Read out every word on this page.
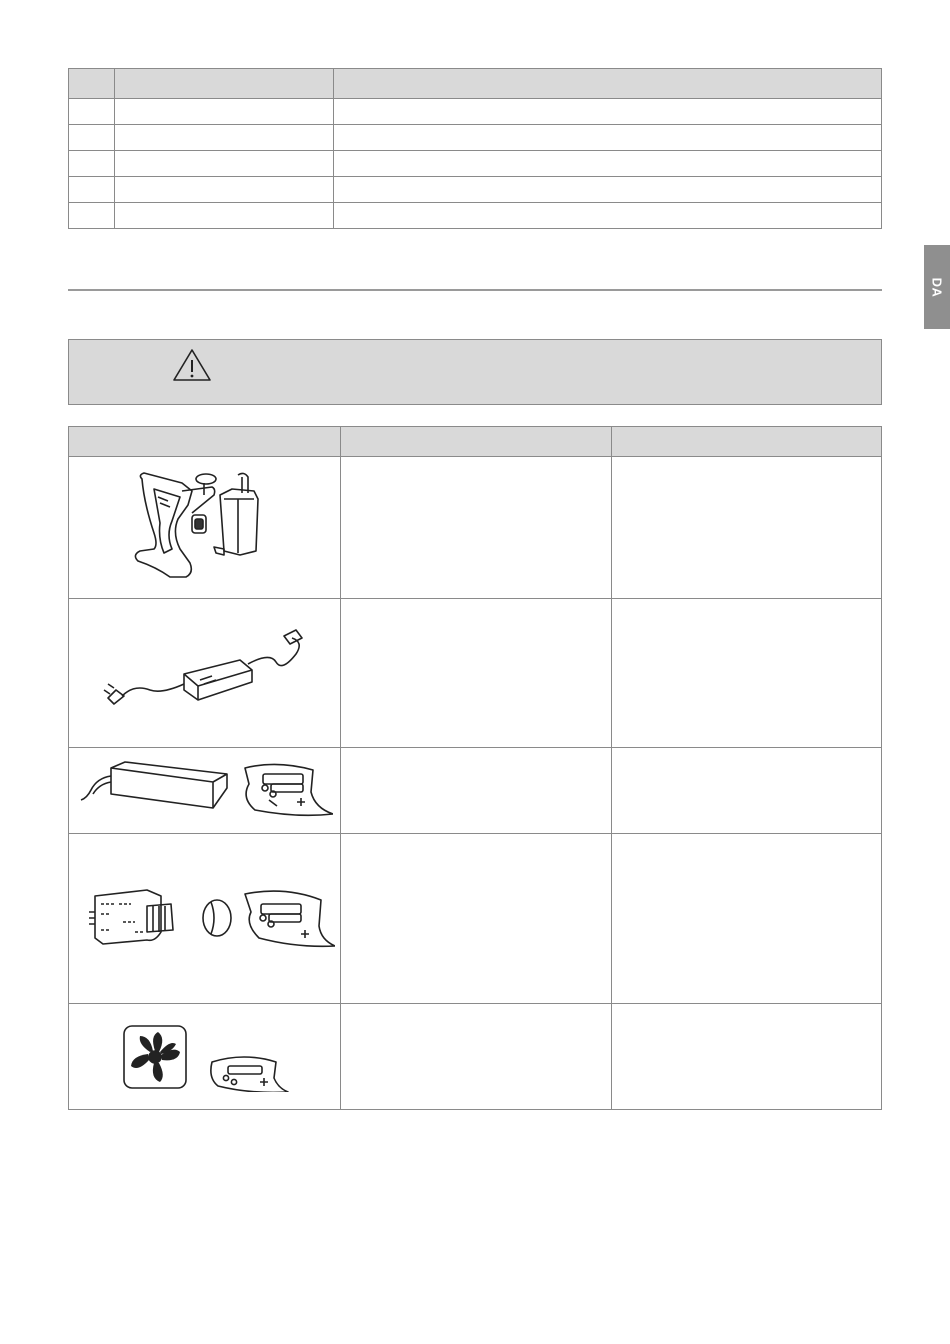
DA
